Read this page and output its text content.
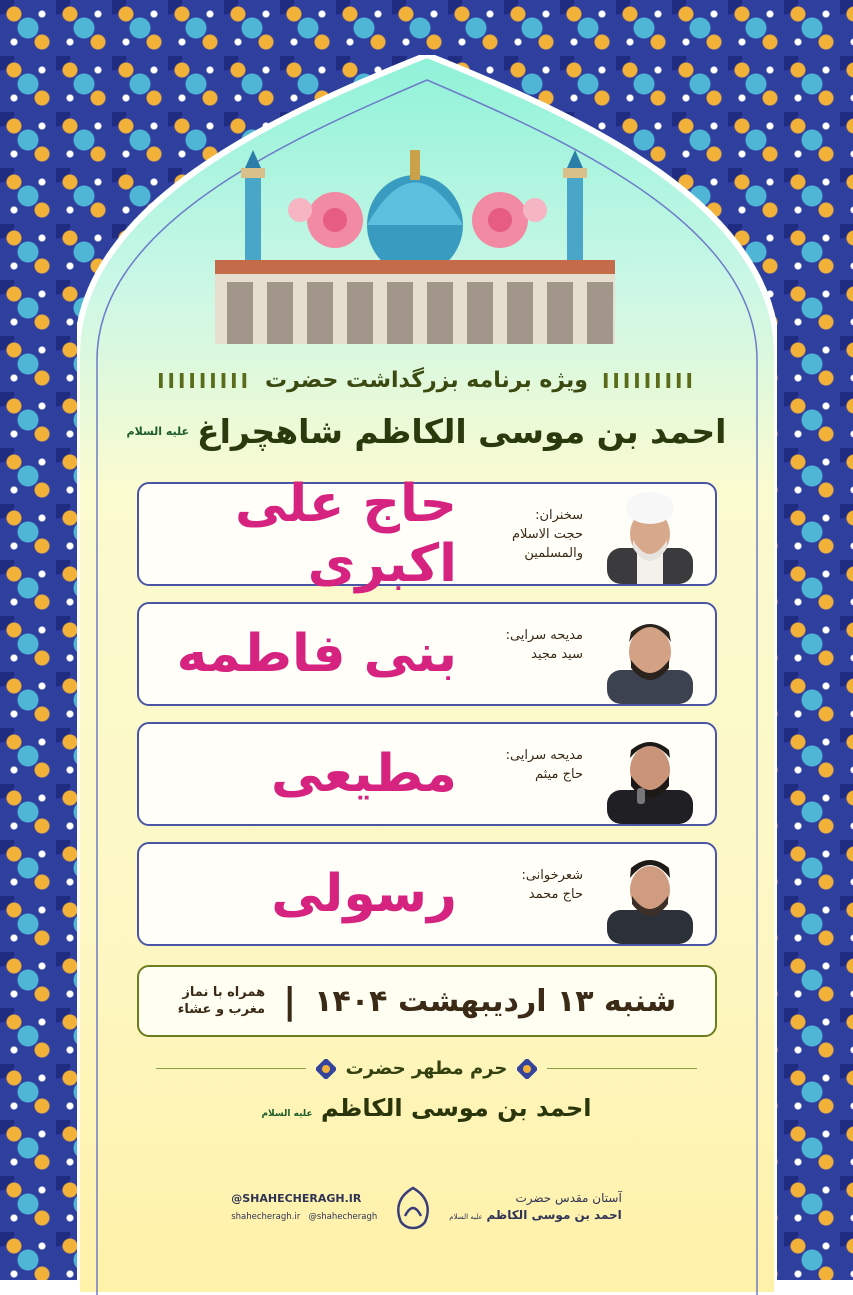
IIIIIIIII
ویژه برنامه بزرگداشت حضرت
IIIIIIIII
احمد بن موسی الکاظم شاهچراغ
علیه السلام
سخنران:
حجت الاسلام
والمسلمین
حاج علی اکبری
مدیحه سرایی:
سید مجید
بنی فاطمه
مدیحه سرایی:
حاج میثم
مطیعی
شعرخوانی:
حاج محمد
رسولی
شنبه ۱۳ اردیبهشت ۱۴۰۴
|
همراه با نماز
مغرب و عشاء
حرم مطهر حضرت
احمد بن موسی الکاظم علیه السلام
آستان مقدس حضرت
احمد بن موسی الکاظم علیه السلام
@SHAHECHERAGH.IR
shahecheragh.ir @shahecheragh
